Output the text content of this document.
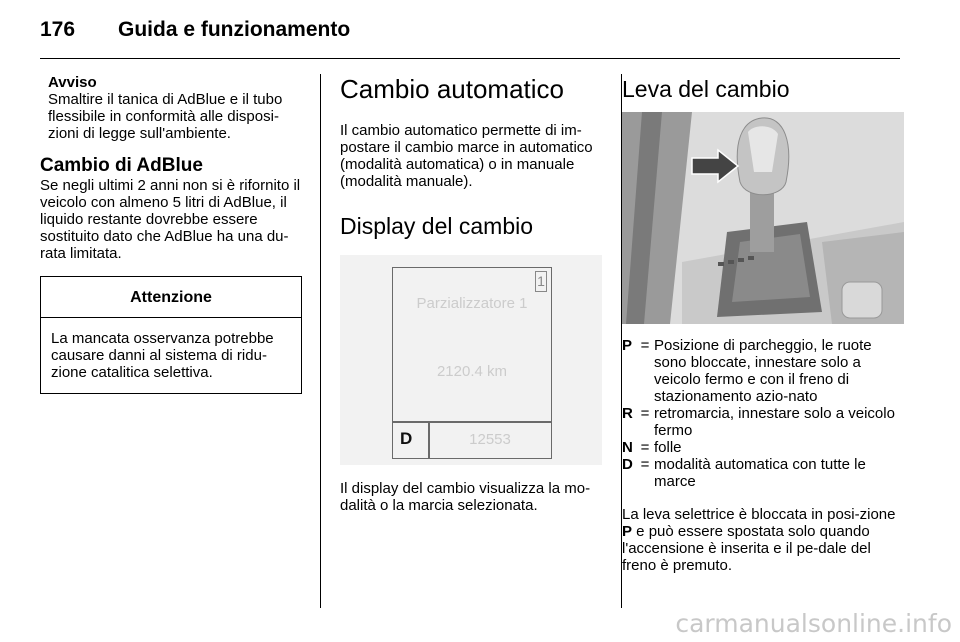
176 Guida e funzionamento
Avviso
Smaltire il tanica di AdBlue e il tubo flessibile in conformità alle disposi-zioni di legge sull'ambiente.
Cambio di AdBlue
Se negli ultimi 2 anni non si è rifornito il veicolo con almeno 5 litri di AdBlue, il liquido restante dovrebbe essere sostituito dato che AdBlue ha una du-rata limitata.
Attenzione
La mancata osservanza potrebbe causare danni al sistema di ridu-zione catalitica selettiva.
Cambio automatico
Il cambio automatico permette di im-postare il cambio marce in automatico (modalità automatica) o in manuale (modalità manuale).
Display del cambio
1
Parzializzatore 1
2120.4 km
D	12553
Il display del cambio visualizza la mo-dalità o la marcia selezionata.
Leva del cambio
P = Posizione di parcheggio, le ruote sono bloccate, innestare solo a veicolo fermo e con il freno di stazionamento azio-nato
R = retromarcia, innestare solo a veicolo fermo
N = folle
D = modalità automatica con tutte le marce
La leva selettrice è bloccata in posi-zione P e può essere spostata solo quando l'accensione è inserita e il pe-dale del freno è premuto.
carmanualsonline.info
